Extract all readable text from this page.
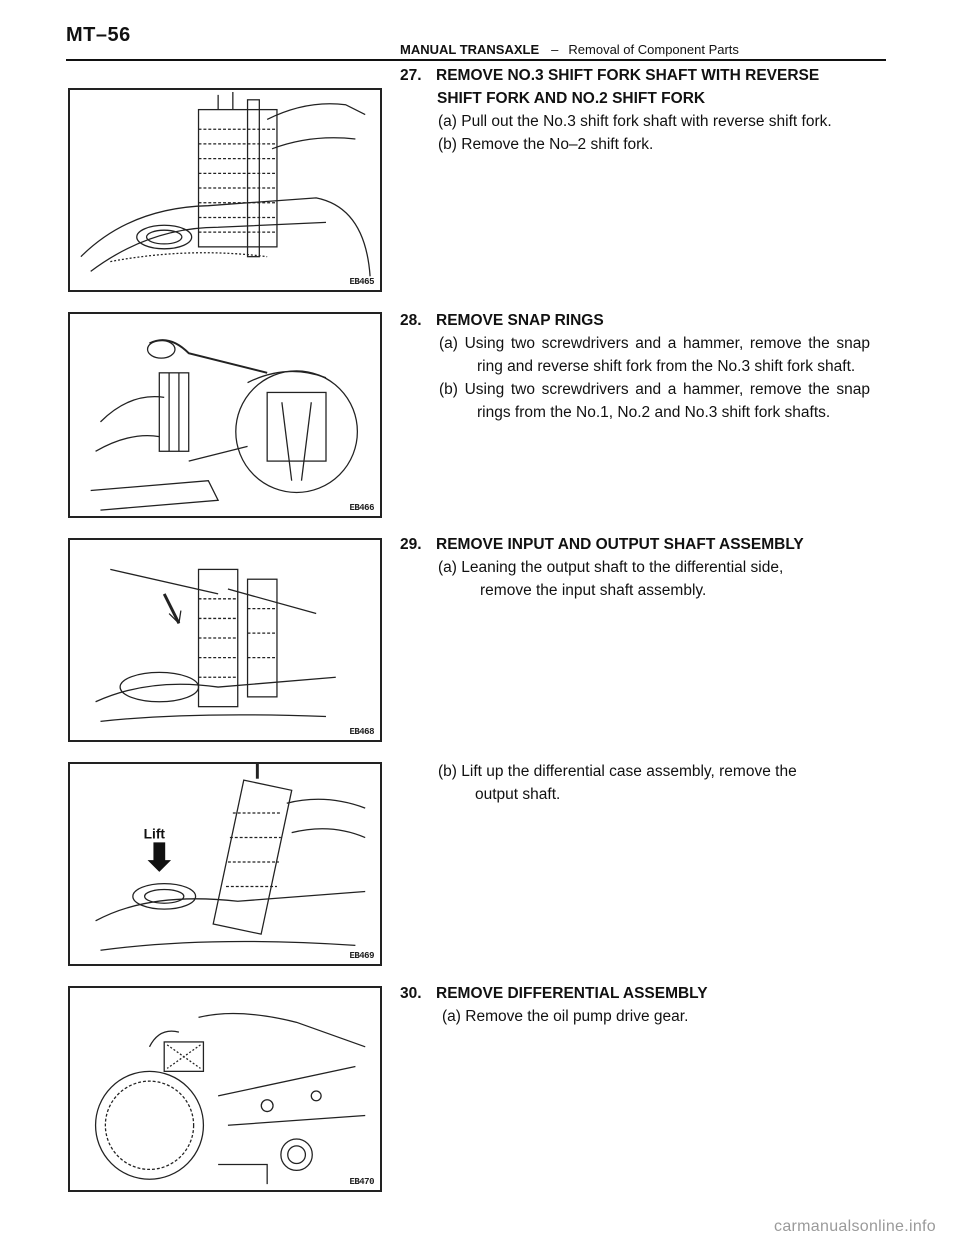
MT–56
MANUAL TRANSAXLE – Removal of Component Parts
EB465
27. REMOVE NO.3 SHIFT FORK SHAFT WITH REVERSE
SHIFT FORK AND NO.2 SHIFT FORK
(a) Pull out the No.3 shift fork shaft with reverse shift fork.
(b) Remove the No–2 shift fork.
EB466
28. REMOVE SNAP RINGS
(a) Using two screwdrivers and a hammer, remove the snap ring and reverse shift fork from the No.3 shift fork shaft.
(b) Using two screwdrivers and a hammer, remove the snap rings from the No.1, No.2 and No.3 shift fork shafts.
EB468
29. REMOVE INPUT AND OUTPUT SHAFT ASSEMBLY
(a) Leaning the output shaft to the differential side,
remove the input shaft assembly.
Lift
EB469
(b) Lift up the differential case assembly, remove the
output shaft.
EB470
30. REMOVE DIFFERENTIAL ASSEMBLY
(a) Remove the oil pump drive gear.
carmanualsonline.info
